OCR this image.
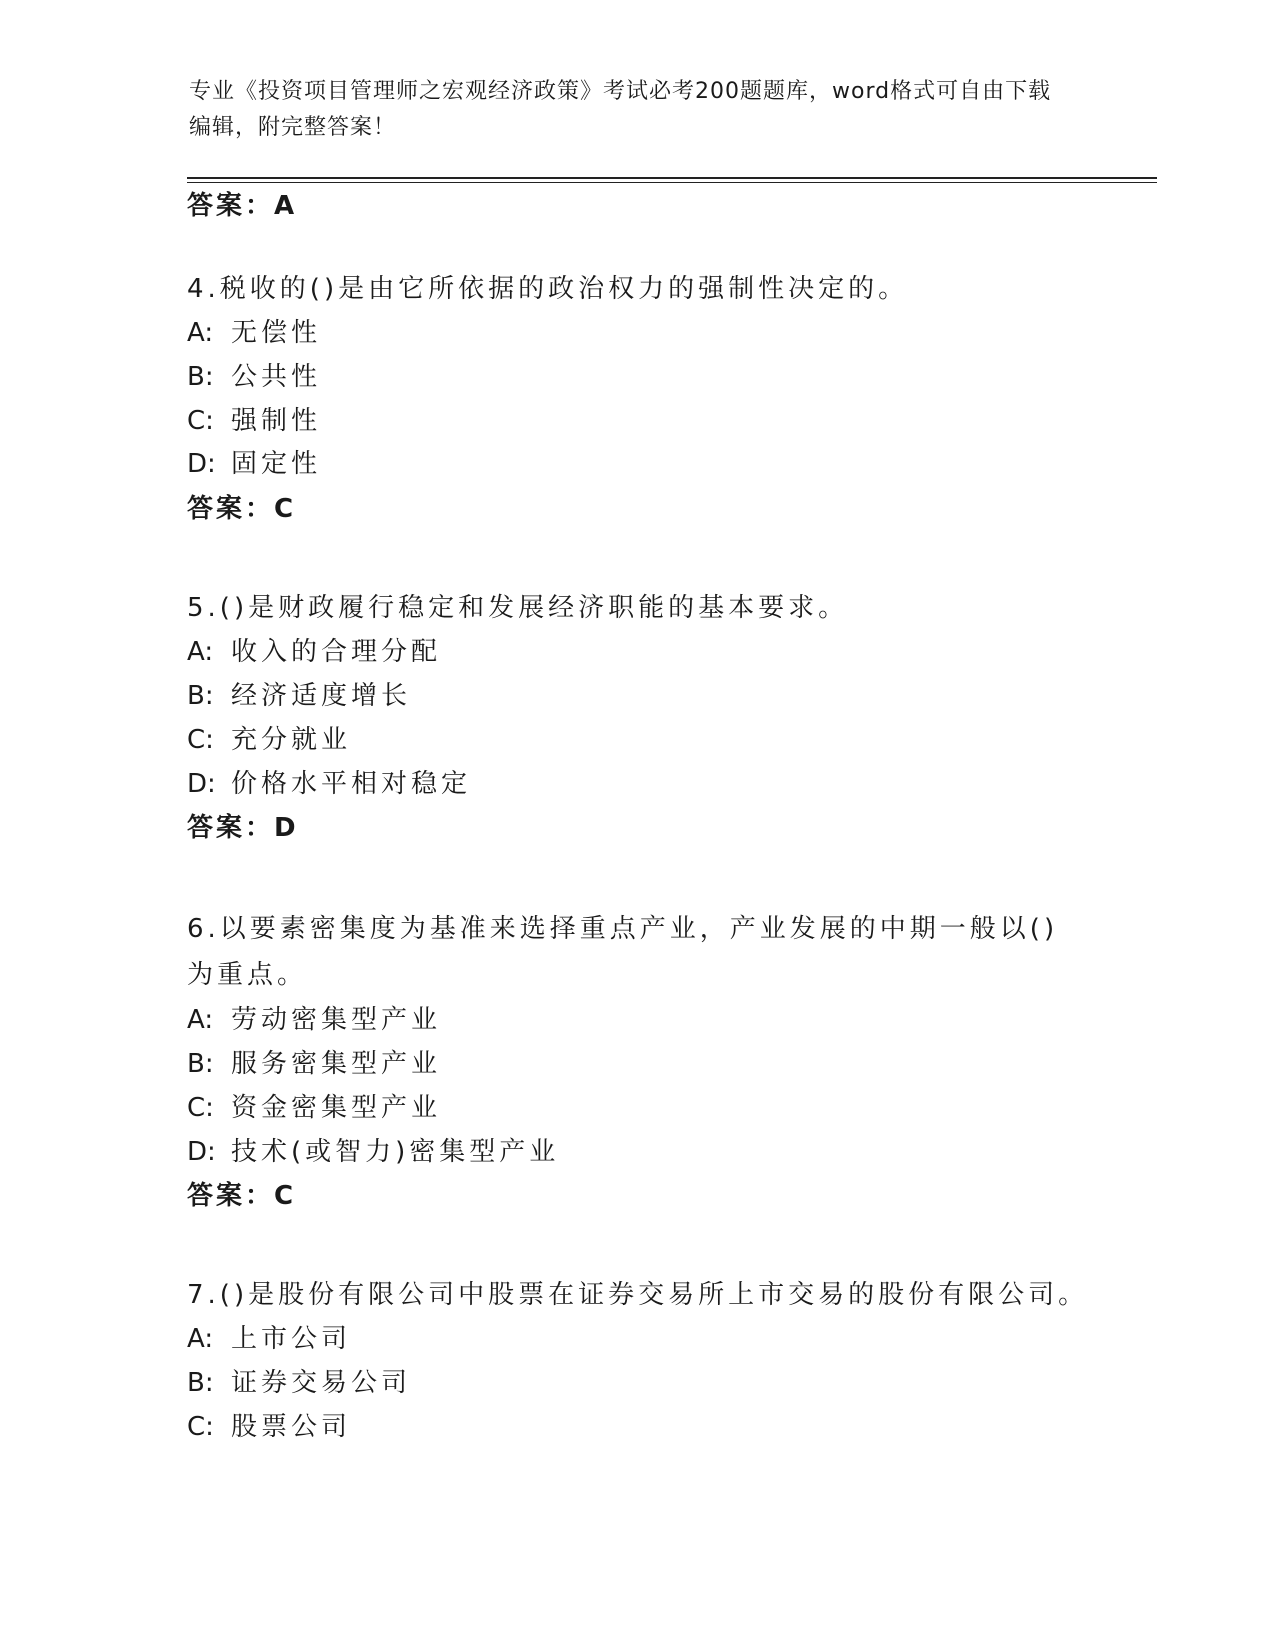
专业《投资项目管理师之宏观经济政策》考试必考200题题库，word格式可自由下载编辑，附完整答案！
答案：A
4.税收的()是由它所依据的政治权力的强制性决定的。
A: 无偿性
B: 公共性
C: 强制性
D: 固定性
答案：C
5.()是财政履行稳定和发展经济职能的基本要求。
A: 收入的合理分配
B: 经济适度增长
C: 充分就业
D: 价格水平相对稳定
答案：D
6.以要素密集度为基准来选择重点产业，产业发展的中期一般以()为重点。
A: 劳动密集型产业
B: 服务密集型产业
C: 资金密集型产业
D: 技术(或智力)密集型产业
答案：C
7.()是股份有限公司中股票在证券交易所上市交易的股份有限公司。
A: 上市公司
B: 证券交易公司
C: 股票公司
